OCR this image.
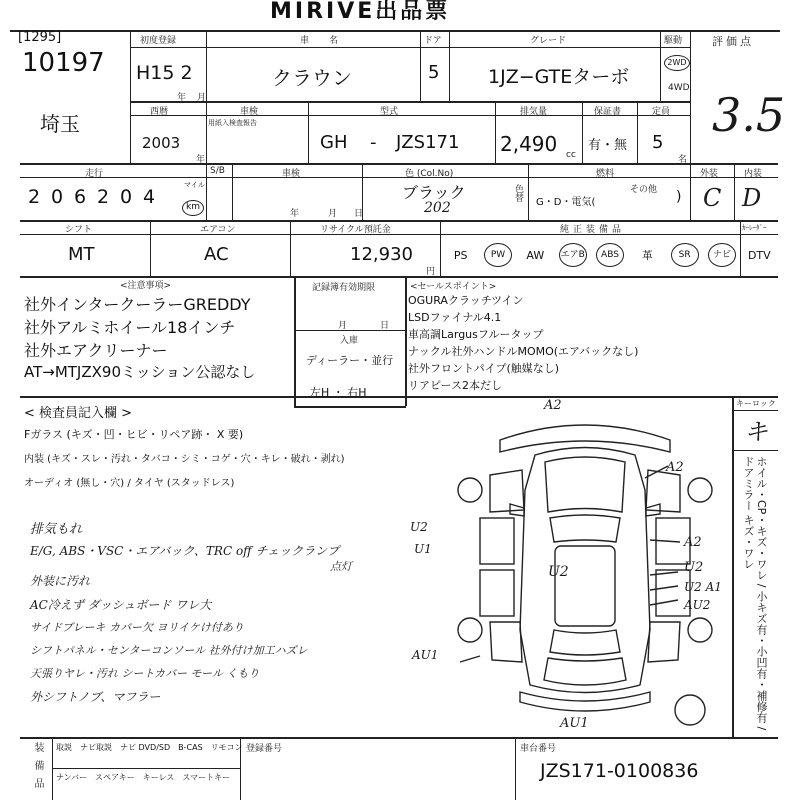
MIRIVE出品票
[1295]
10197
埼玉
初度登録
H15 2
年 月
車名
クラウン
ドア
5
グレード
1JZ−GTEターボ
駆動
2WD
4WD
評価点
3.5
西暦
2003
年
車検
用紙入検査報告
型式
GH - JZS171
排気量
2,490 cc
保証書
有・無
定員
5
名
走行
2 0 6 2 0 4
マイル
km
S/B	車検
年	月 日
色 (Col.No)
ブラック
202
色替
燃料
G・D・電気(
その他 )
外装
C
内装
D
シフト
MT
エアコン
AC
リサイクル預託金
12,930
円
純正装備品	ｶｰﾚｰﾀﾞｰ
PS	PW	AW エアB	ABS	革	SR	ナビ	DTV
<注意事項>
社外インタークーラーGREDDY
社外アルミホイール18インチ
社外エアクリーナー
AT→MTJZX90ミッション公認なし
記録簿有効期限
月	日
入庫
ディーラー・並行
左H ・ 右H
<セールスポイント>
OGURAクラッチツイン
LSDファイナル4.1
車高調Largusフルータップ
ナックル社外ハンドルMOMO(エアバックなし)
社外フロントパイプ(触媒なし)
リアピース2本だし
< 検査員記入欄 >
Fガラス (キズ・凹・ヒビ・リペア跡・ X 要)
内装 (キズ・スレ・汚れ・タバコ・シミ・コゲ・穴・キレ・破れ・剥れ)
オーディオ (無し・穴) / タイヤ (スタッドレス)
排気もれ
E/G, ABS・VSC・エアバック、TRC off チェックランプ
点灯
外装に汚れ
AC冷えず ダッシュボード ワレ大
サイドブレーキ カバー欠 ヨリイケけ付あり
シフトパネル・センターコンソール 社外付け加工ハズレ
天張りヤレ・汚れ シートカバー モール くもり
外シフトノブ、マフラー
A2
A2
U2
U1
U2
A2
U2
U2 A1
AU2
AU1
AU1
キーロック
キ
ホイル・CP・キズ・ワレ / 小キズ有・小凹有・補修有 / ドアミラー キズ・ワレ
装備品 取説 ナビ取説 ナビ DVD/SD B-CAS リモコン
ナンバー スペアキー キーレス スマートキー
登録番号	車台番号
JZS171-0100836
